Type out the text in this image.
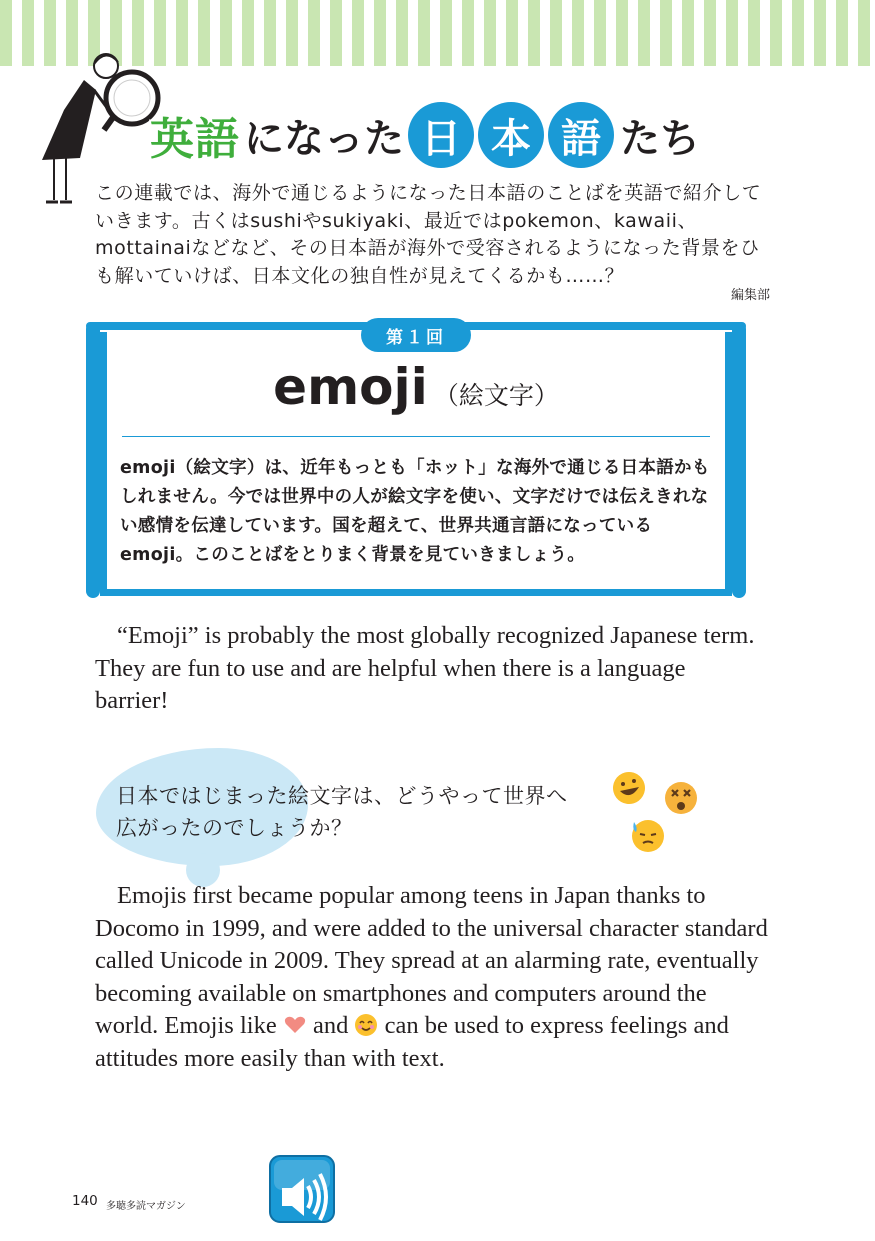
英語 になった 日 本 語 たち

この連載では、海外で通じるようになった日本語のことばを英語で紹介していきます。古くはsushiやsukiyaki、最近ではpokemon、kawaii、mottainaiなどなど、その日本語が海外で受容されるようになった背景をひも解いていけば、日本文化の独自性が見えてくるかも……？

編集部
第１回
emoji （絵文字）

emoji（絵文字）は、近年もっとも「ホット」な海外で通じる日本語かもしれません。今では世界中の人が絵文字を使い、文字だけでは伝えきれない感情を伝達しています。国を超えて、世界共通言語になっているemoji。このことばをとりまく背景を見ていきましょう。

“Emoji” is probably the most globally recognized Japanese term. They are fun to use and are helpful when there is a language barrier!

日本ではじまった絵文字は、どうやって世界へ
広がったのでしょうか？

Emojis first became popular among teens in Japan thanks to Docomo in 1999, and were added to the universal character standard called Unicode in 2009. They spread at an alarming rate, eventually becoming available on smartphones and computers around the world. Emojis like  and  can be used to express feelings and attitudes more easily than with text.

140 多聴多読マガジン
